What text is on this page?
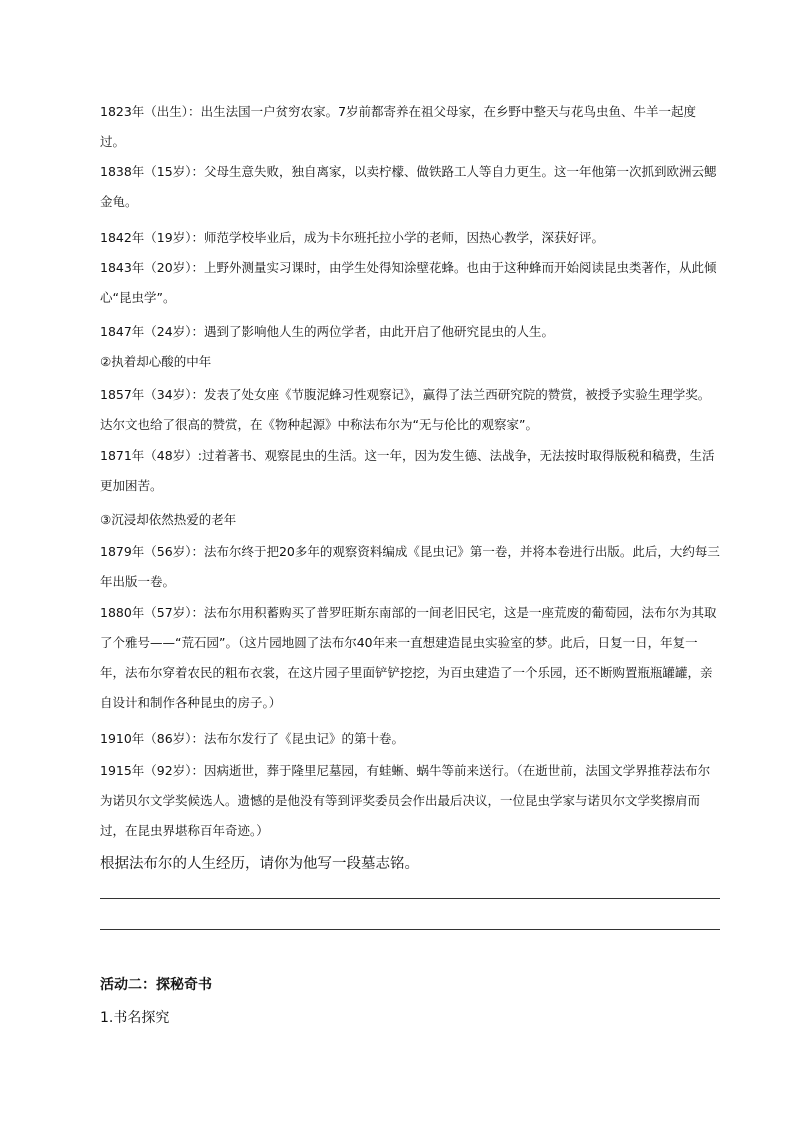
1823年（出生）：出生法国一户贫穷农家。7岁前都寄养在祖父母家，在乡野中整天与花鸟虫鱼、牛羊一起度过。

1838年（15岁）：父母生意失败，独自离家，以卖柠檬、做铁路工人等自力更生。这一年他第一次抓到欧洲云鳃金龟。

1842年（19岁）：师范学校毕业后，成为卡尔班托拉小学的老师，因热心教学，深获好评。

1843年（20岁）：上野外测量实习课时，由学生处得知涂壁花蜂。也由于这种蜂而开始阅读昆虫类著作，从此倾心“昆虫学”。

1847年（24岁）：遇到了影响他人生的两位学者，由此开启了他研究昆虫的人生。

②执着却心酸的中年

1857年（34岁）：发表了处女座《节腹泥蜂习性观察记》，赢得了法兰西研究院的赞赏，被授予实验生理学奖。达尔文也给了很高的赞赏，在《物种起源》中称法布尔为“无与伦比的观察家”。

1871年（48岁）:过着著书、观察昆虫的生活。这一年，因为发生德、法战争，无法按时取得版税和稿费，生活更加困苦。

③沉浸却依然热爱的老年

1879年（56岁）：法布尔终于把20多年的观察资料编成《昆虫记》第一卷，并将本卷进行出版。此后，大约每三年出版一卷。

1880年（57岁）：法布尔用积蓄购买了普罗旺斯东南部的一间老旧民宅，这是一座荒废的葡萄园，法布尔为其取了个雅号——“荒石园”。（这片园地圆了法布尔40年来一直想建造昆虫实验室的梦。此后，日复一日，年复一年，法布尔穿着农民的粗布衣裳，在这片园子里面铲铲挖挖，为百虫建造了一个乐园，还不断购置瓶瓶罐罐，亲自设计和制作各种昆虫的房子。）

1910年（86岁）：法布尔发行了《昆虫记》的第十卷。

1915年（92岁）：因病逝世，葬于隆里尼墓园，有蛙蜥、蜗牛等前来送行。（在逝世前，法国文学界推荐法布尔为诺贝尔文学奖候选人。遗憾的是他没有等到评奖委员会作出最后决议，一位昆虫学家与诺贝尔文学奖擦肩而过，在昆虫界堪称百年奇迹。）

根据法布尔的人生经历，请你为他写一段墓志铭。
活动二：探秘奇书
1.书名探究
